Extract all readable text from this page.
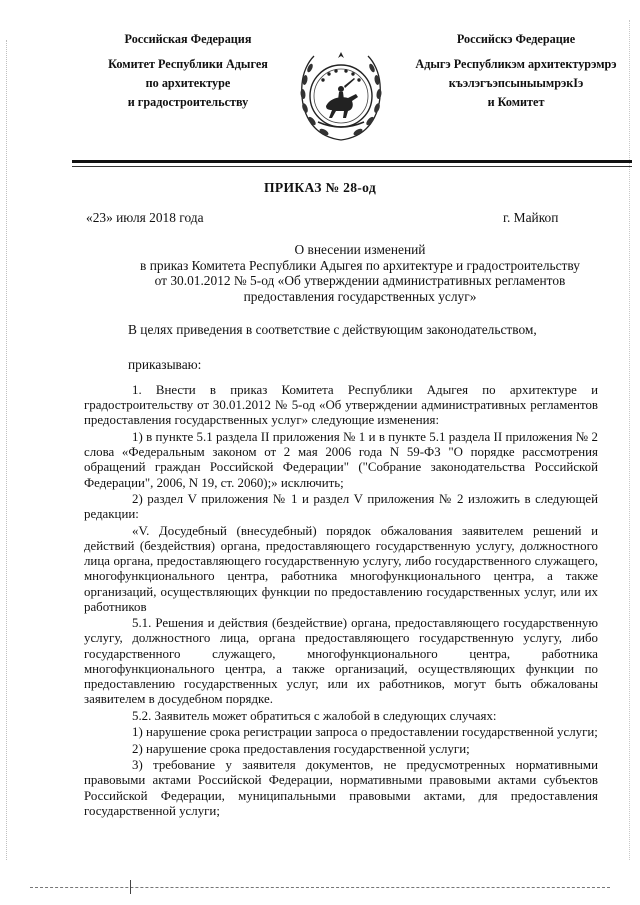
Российская Федерация
Комитет Республики Адыгея
по архитектуре
и градостроительству
Российскэ Федерацие
Адыгэ Республикэм архитектурэмрэ
къэлэгъэпсыныымрэкІэ
и Комитет
ПРИКАЗ № 28-од
«23» июля 2018 года	г. Майкоп
О внесении изменений
в приказ Комитета Республики Адыгея по архитектуре и градостроительству
от 30.01.2012 № 5-од «Об утверждении административных регламентов
предоставления государственных услуг»
В целях приведения в соответствие с действующим законодательством,
приказываю:

1. Внести в приказ Комитета Республики Адыгея по архитектуре и градостроительству от 30.01.2012 № 5-од «Об утверждении административных регламентов предоставления государственных услуг» следующие изменения:

1) в пункте 5.1 раздела II приложения № 1 и в пункте 5.1 раздела II приложения № 2 слова «Федеральным законом от 2 мая 2006 года N 59-ФЗ "О порядке рассмотрения обращений граждан Российской Федерации" ("Собрание законодательства Российской Федерации", 2006, N 19, ст. 2060);» исключить;

2) раздел V приложения № 1 и раздел V приложения № 2 изложить в следующей редакции:

«V. Досудебный (внесудебный) порядок обжалования заявителем решений и действий (бездействия) органа, предоставляющего государственную услугу, должностного лица органа, предоставляющего государственную услугу, либо государственного служащего, многофункционального центра, работника многофункционального центра, а также организаций, осуществляющих функции по предоставлению государственных услуг, или их работников

5.1. Решения и действия (бездействие) органа, предоставляющего государственную услугу, должностного лица, органа предоставляющего государственную услугу, либо государственного служащего, многофункционального центра, работника многофункционального центра, а также организаций, осуществляющих функции по предоставлению государственных услуг, или их работников, могут быть обжалованы заявителем в досудебном порядке.

5.2. Заявитель может обратиться с жалобой в следующих случаях:

1) нарушение срока регистрации запроса о предоставлении государственной услуги;

2) нарушение срока предоставления государственной услуги;

3) требование у заявителя документов, не предусмотренных нормативными правовыми актами Российской Федерации, нормативными правовыми актами субъектов Российской Федерации, муниципальными правовыми актами, для предоставления государственной услуги;
